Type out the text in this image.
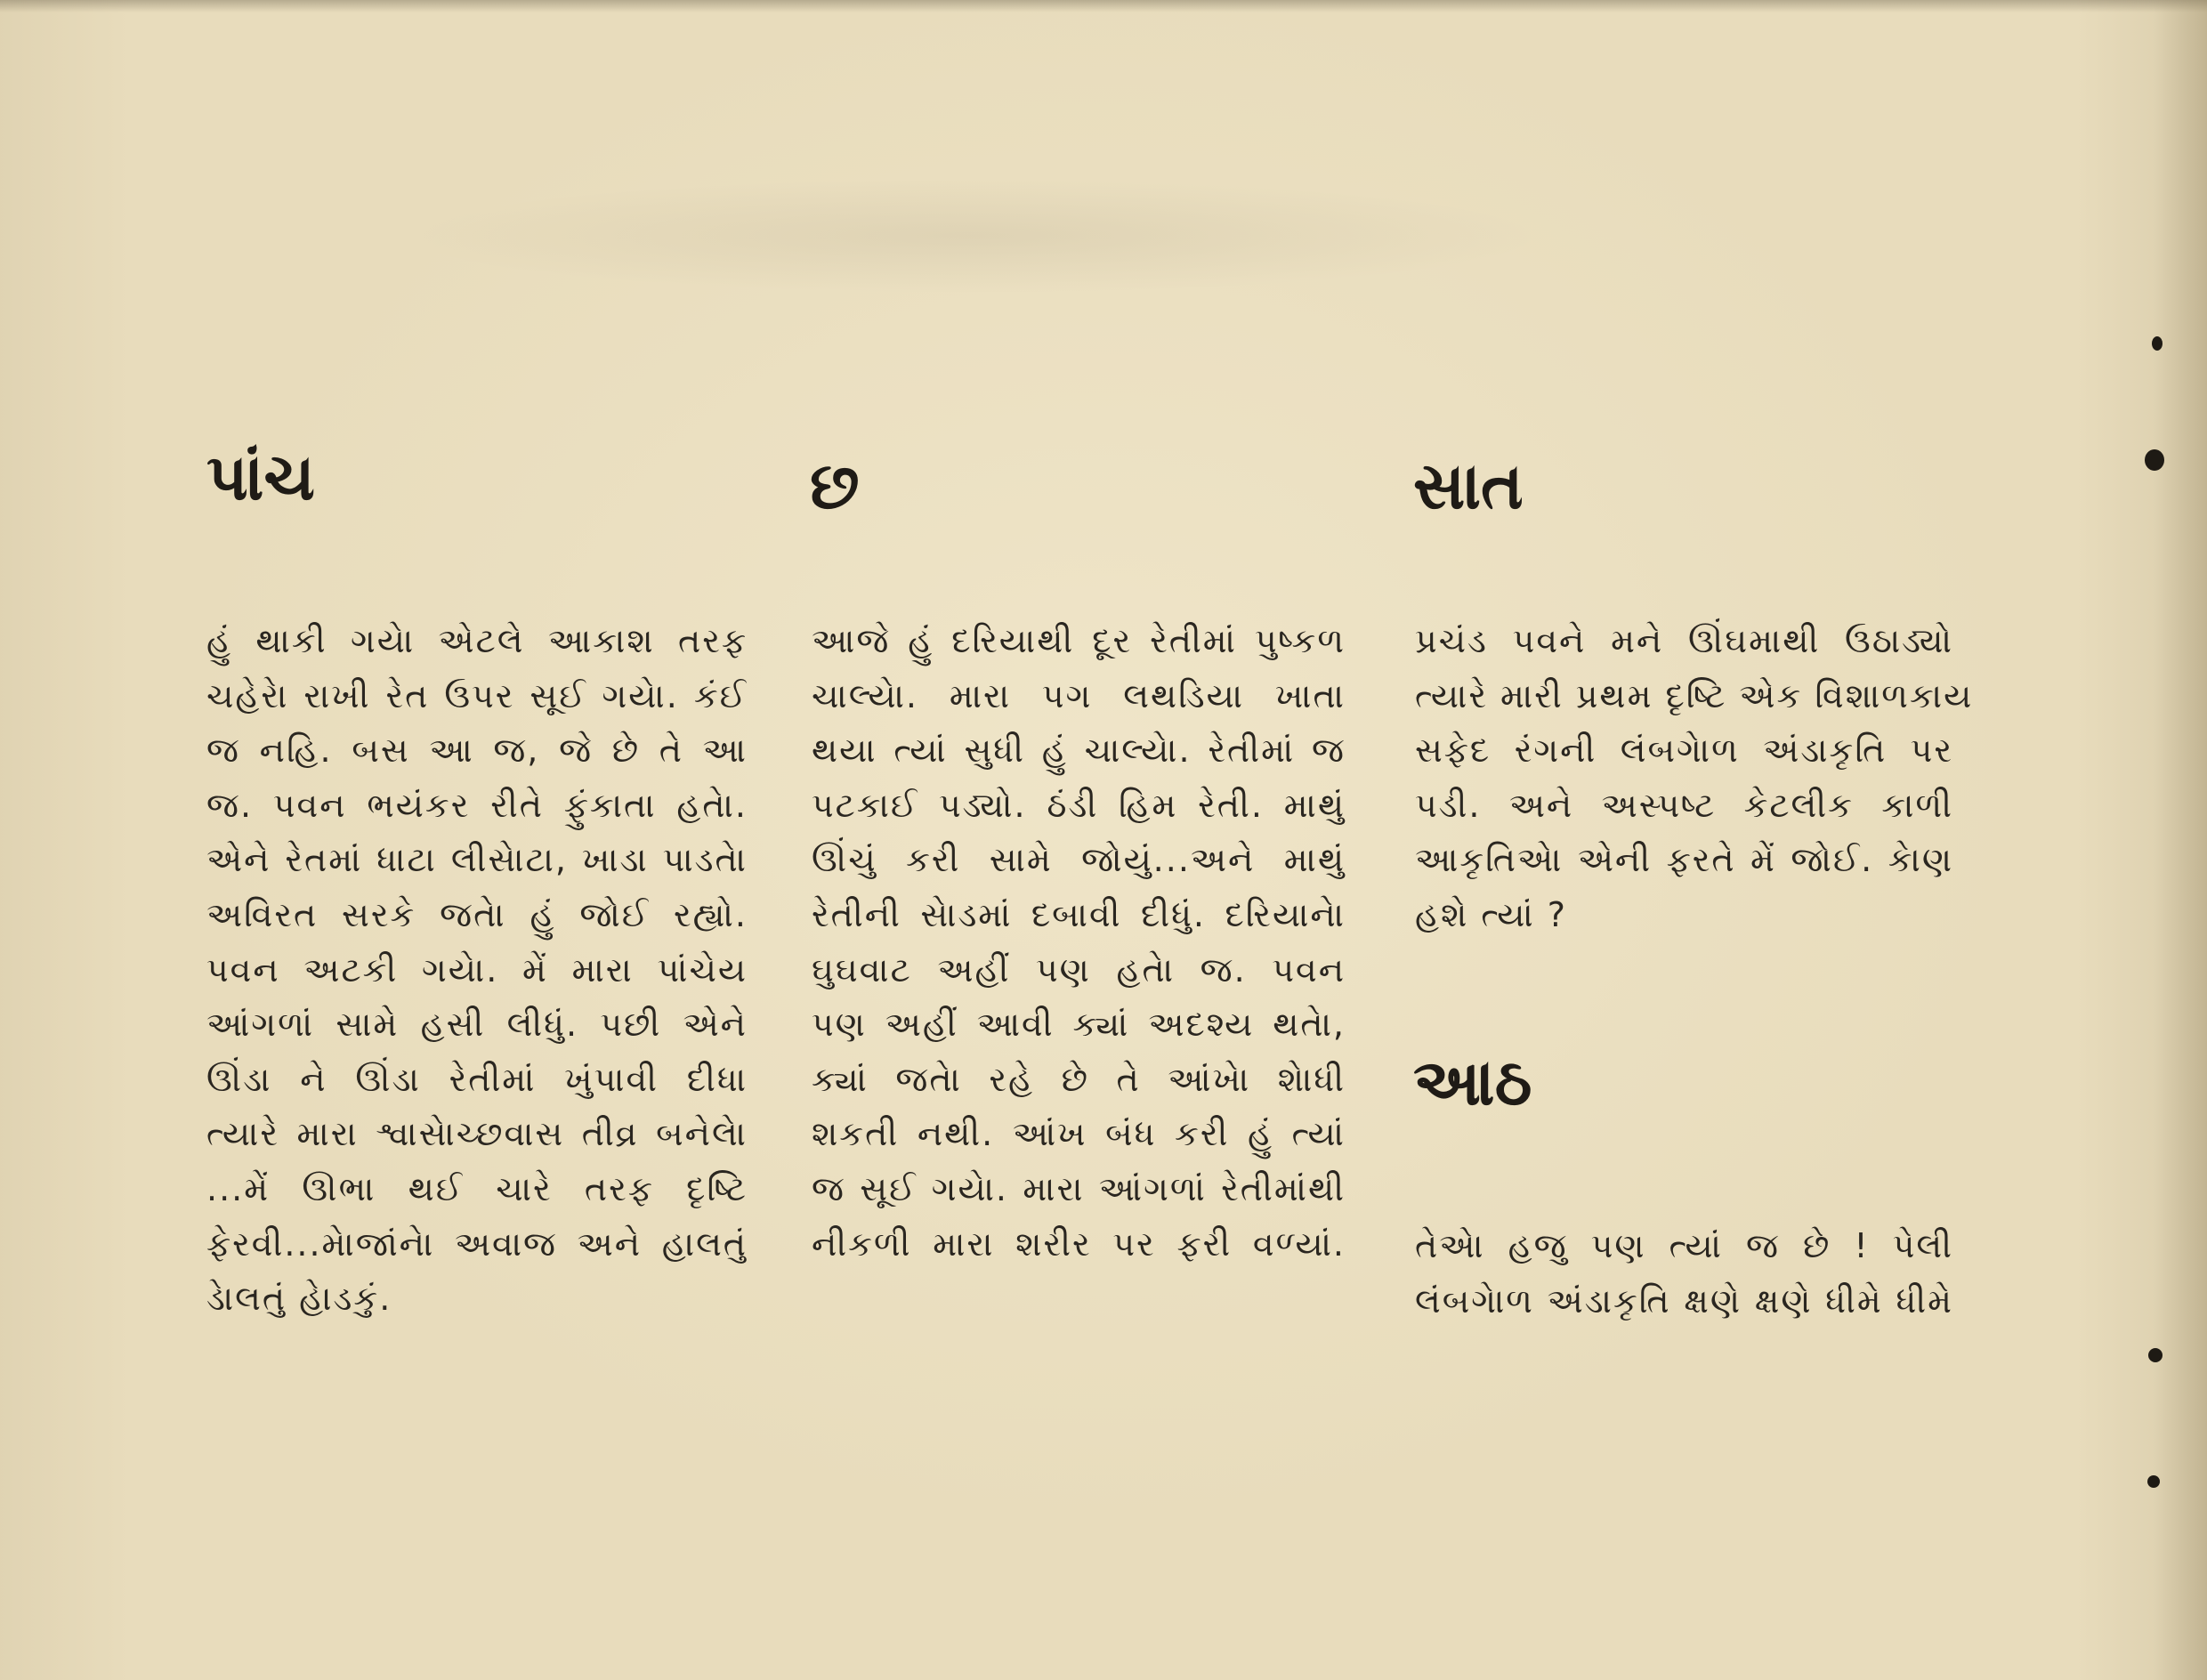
પાંચ
હું થાકી ગયેા એટલે આકાશ તરફ
ચહેરેા રાખી રેત ઉપર સૂઈ ગયેા. કંઈ
જ નહિ. બસ આ જ, જે છે તે આ
જ. પવન ભયંકર રીતે ફુંકાતા હતેા.
એને રેતમાં ધાટા લીસેાટા, ખાડા પાડતેા
અવિરત સરકે જતેા હું જોઈ રહ્યો.
પવન અટકી ગયેા. મેં મારા પાંચેય
આંગળાં સામે હસી લીધું. પછી એને
ઊંડા ને ઊંડા રેતીમાં ખુંપાવી દીધા
ત્યારે મારા શ્વાસેાચ્છવાસ તીવ્ર બનેલેા
...મેં ઊભા થઈ ચારે તરફ દૃષ્ટિ
ફેરવી...મેાજાંનેા અવાજ અને હાલતું
ડેાલતું હેાડકું.
છ
આજે હું દરિયાથી દૂર રેતીમાં પુષ્કળ
ચાલ્યેા. મારા પગ લથડિયા ખાતા
થયા ત્યાં સુધી હું ચાલ્યેા. રેતીમાં જ
પટકાઈ પડ્યો. ઠંડી હિમ રેતી. માથું
ઊંચું કરી સામે જોયું...અને માથું
રેતીની સેાડમાં દબાવી દીધું. દરિયાનેા
ઘુઘવાટ અહીં પણ હતેા જ. પવન
પણ અહીં આવી ક્યાં અદશ્ય થતેા,
ક્યાં જતેા રહે છે તે આંખેા શેાધી
શકતી નથી. આંખ બંધ કરી હું ત્યાં
જ સૂઈ ગયેા. મારા આંગળાં રેતીમાંથી
નીકળી મારા શરીર પર ફરી વળ્યાં.
સાત
પ્રચંડ પવને મને ઊંઘમાથી ઉઠાડ્યો
ત્યારે મારી પ્રથમ દૃષ્ટિ એક વિશાળકાય
સફેદ રંગની લંબગેાળ અંડાકૃતિ પર
પડી. અને અસ્પષ્ટ કેટલીક કાળી
આકૃતિએા એની ફરતે મેં જોઈ. કેાણ
હશે ત્યાં ?
આઠ
તેએા હજુ પણ ત્યાં જ છે ! પેલી
લંબગેાળ અંડાકૃતિ ક્ષણે ક્ષણે ધીમે ધીમે
